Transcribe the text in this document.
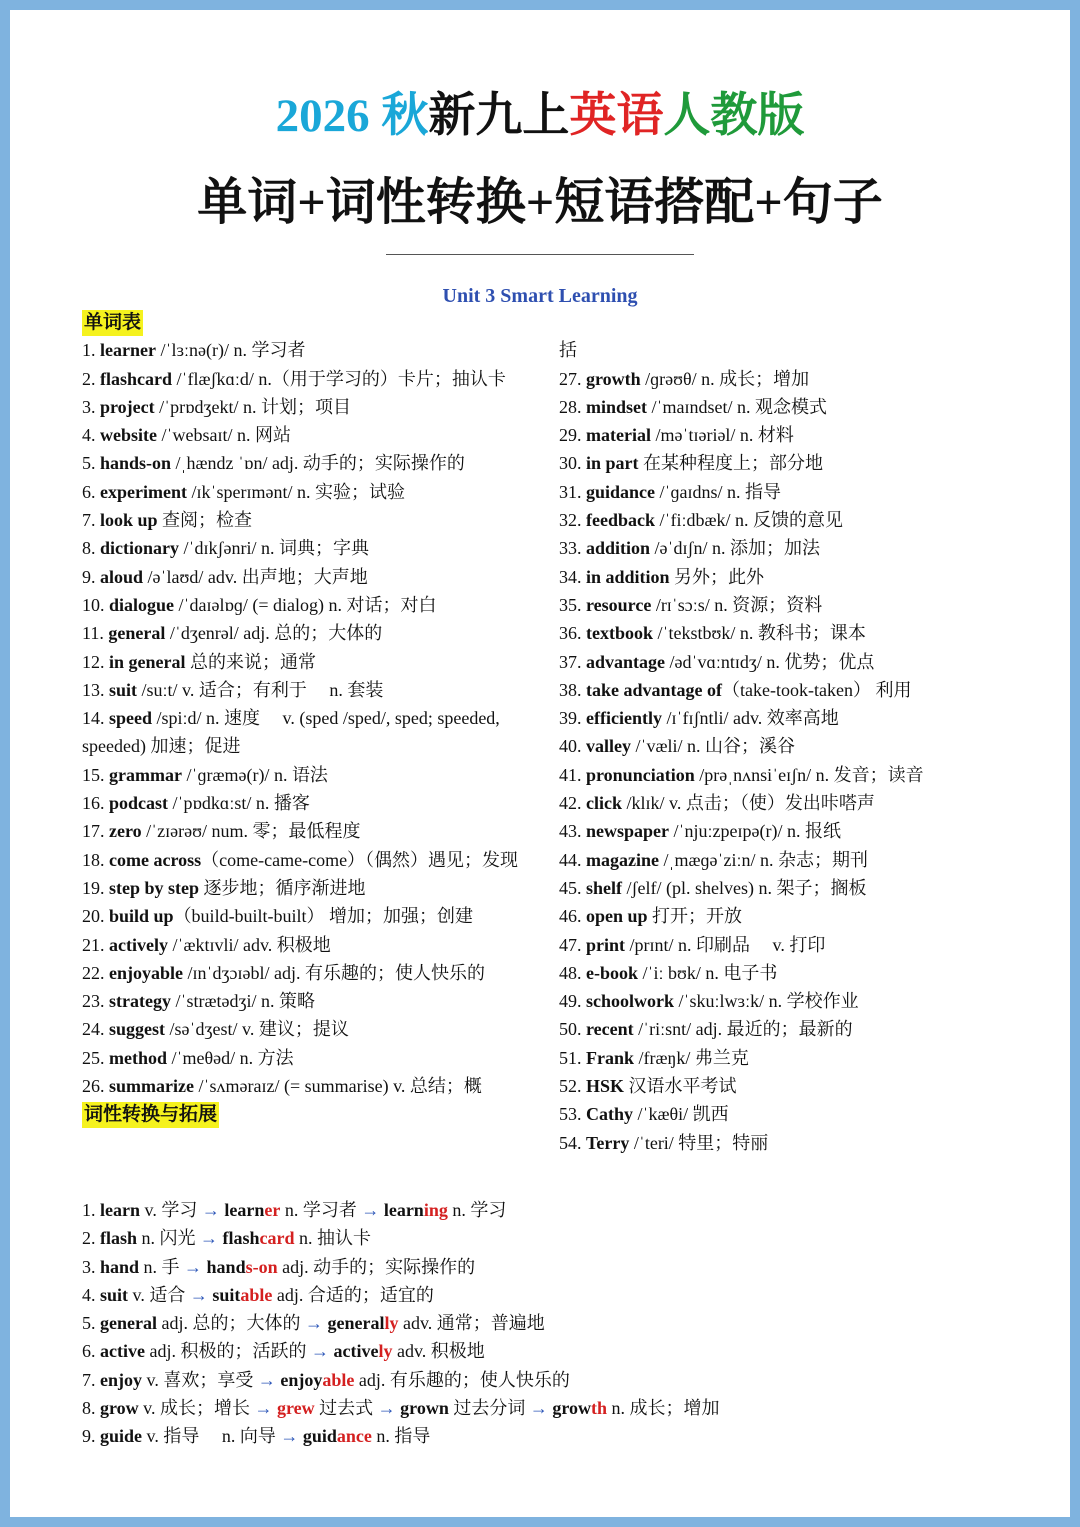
2026 秋新九上英语人教版
单词+词性转换+短语搭配+句子
Unit 3 Smart Learning
单词表
1. learner /ˈlɜːnə(r)/ n. 学习者
2. flashcard /ˈflæʃkɑːd/ n.（用于学习的）卡片；抽认卡
3. project /ˈprɒdʒekt/ n. 计划；项目
4. website /ˈwebsaɪt/ n. 网站
5. hands-on /ˌhændz ˈɒn/ adj. 动手的；实际操作的
6. experiment /ɪkˈsperɪmənt/ n. 实验；试验
7. look up 查阅；检查
8. dictionary /ˈdɪkʃənri/ n. 词典；字典
9. aloud /əˈlaʊd/ adv. 出声地；大声地
10. dialogue /ˈdaɪəlɒɡ/ (= dialog) n. 对话；对白
11. general /ˈdʒenrəl/ adj. 总的；大体的
12. in general 总的来说；通常
13. suit /suːt/ v. 适合；有利于　 n. 套装
14. speed /spiːd/ n. 速度　 v. (sped /sped/, sped; speeded, speeded) 加速；促进
15. grammar /ˈɡræmə(r)/ n. 语法
16. podcast /ˈpɒdkɑːst/ n. 播客
17. zero /ˈzɪərəʊ/ num. 零；最低程度
18. come across（come-came-come）（偶然）遇见；发现
19. step by step 逐步地；循序渐进地
20. build up（build-built-built） 增加；加强；创建
21. actively /ˈæktɪvli/ adv. 积极地
22. enjoyable /ɪnˈdʒɔɪəbl/ adj. 有乐趣的；使人快乐的
23. strategy /ˈstrætədʒi/ n. 策略
24. suggest /səˈdʒest/ v. 建议；提议
25. method /ˈmeθəd/ n. 方法
26. summarize /ˈsʌməraɪz/ (= summarise) v. 总结；概
词性转换与拓展
括
27. growth /ɡrəʊθ/ n. 成长；增加
28. mindset /ˈmaɪndset/ n. 观念模式
29. material /məˈtɪəriəl/ n. 材料
30. in part 在某种程度上；部分地
31. guidance /ˈɡaɪdns/ n. 指导
32. feedback /ˈfiːdbæk/ n. 反馈的意见
33. addition /əˈdɪʃn/ n. 添加；加法
34. in addition 另外；此外
35. resource /rɪˈsɔːs/ n. 资源；资料
36. textbook /ˈtekstbʊk/ n. 教科书；课本
37. advantage /ədˈvɑːntɪdʒ/ n. 优势；优点
38. take advantage of（take-took-taken） 利用
39. efficiently /ɪˈfɪʃntli/ adv. 效率高地
40. valley /ˈvæli/ n. 山谷；溪谷
41. pronunciation /prəˌnʌnsiˈeɪʃn/ n. 发音；读音
42. click /klɪk/ v. 点击；（使）发出咔嗒声
43. newspaper /ˈnjuːzpeɪpə(r)/ n. 报纸
44. magazine /ˌmæɡəˈziːn/ n. 杂志；期刊
45. shelf /ʃelf/ (pl. shelves) n. 架子；搁板
46. open up 打开；开放
47. print /prɪnt/ n. 印刷品　 v. 打印
48. e-book /ˈiː bʊk/ n. 电子书
49. schoolwork /ˈskuːlwɜːk/ n. 学校作业
50. recent /ˈriːsnt/ adj. 最近的；最新的
51. Frank /fræŋk/ 弗兰克
52. HSK 汉语水平考试
53. Cathy /ˈkæθi/ 凯西
54. Terry /ˈteri/ 特里；特丽
1. learn v. 学习 → learner n. 学习者 → learning n. 学习
2. flash n. 闪光 → flashcard n. 抽认卡
3. hand n. 手 → hands-on adj. 动手的；实际操作的
4. suit v. 适合 → suitable adj. 合适的；适宜的
5. general adj. 总的；大体的 → generally adv. 通常；普遍地
6. active adj. 积极的；活跃的 → actively adv. 积极地
7. enjoy v. 喜欢；享受 → enjoyable adj. 有乐趣的；使人快乐的
8. grow v. 成长；增长 → grew 过去式 → grown 过去分词 → growth n. 成长；增加
9. guide v. 指导　 n. 向导 → guidance n. 指导
